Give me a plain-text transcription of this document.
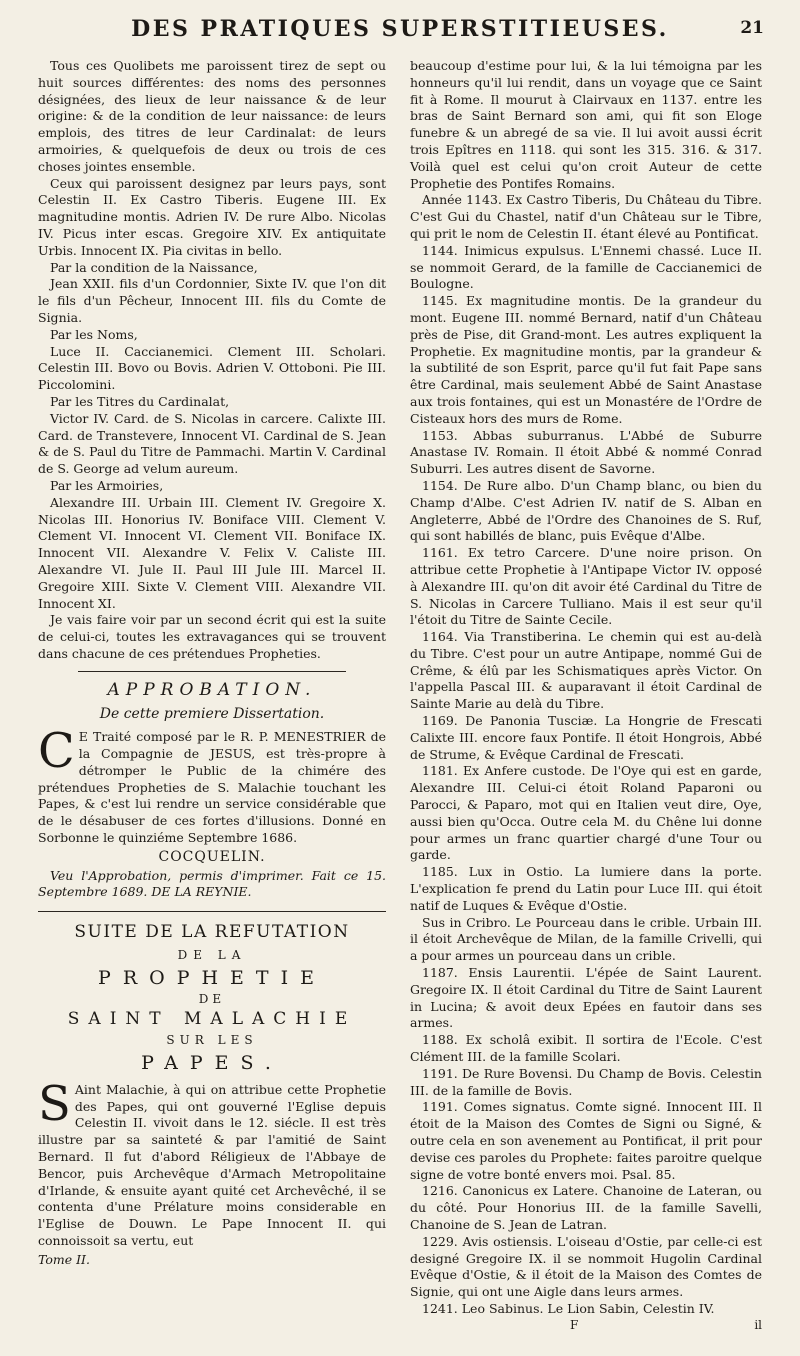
DES PRATIQUES SUPERSTITIEUSES.	21

Tous ces Quolibets me paroissent tirez de sept ou huit sources différentes: des noms des personnes désignées, des lieux de leur naissance & de leur origine: & de la condition de leur naissance: de leurs emplois, des titres de leur Cardinalat: de leurs armoiries, & quelquefois de deux ou trois de ces choses jointes ensemble.

Ceux qui paroissent designez par leurs pays, sont Celestin II. Ex Castro Tiberis. Eugene III. Ex magnitudine montis. Adrien IV. De rure Albo. Nicolas IV. Picus inter escas. Gregoire XIV. Ex antiquitate Urbis. Innocent IX. Pia civitas in bello.

Par la condition de la Naissance,

Jean XXII. fils d'un Cordonnier, Sixte IV. que l'on dit le fils d'un Pêcheur, Innocent III. fils du Comte de Signia.

Par les Noms,

Luce II. Caccianemici. Clement III. Scholari. Celestin III. Bovo ou Bovis. Adrien V. Ottoboni. Pie III. Piccolomini.

Par les Titres du Cardinalat,

Victor IV. Card. de S. Nicolas in carcere. Calixte III. Card. de Transtevere, Innocent VI. Cardinal de S. Jean & de S. Paul du Titre de Pammachi. Martin V. Cardinal de S. George ad velum aureum.

Par les Armoiries,

Alexandre III. Urbain III. Clement IV. Gregoire X. Nicolas III. Honorius IV. Boniface VIII. Clement V. Clement VI. Innocent VI. Clement VII. Boniface IX. Innocent VII. Alexandre V. Felix V. Caliste III. Alexandre VI. Jule II. Paul III Jule III. Marcel II. Gregoire XIII. Sixte V. Clement VIII. Alexandre VII. Innocent XI.

Je vais faire voir par un second écrit qui est la suite de celui-ci, toutes les extravagances qui se trouvent dans chacune de ces prétendues Propheties.

APPROBATION.
De cette premiere Dissertation.
C E Traité composé par le R. P. MENESTRIER de la Compagnie de JESUS, est très-propre à détromper le Public de la chimére des prétendues Propheties de S. Malachie touchant les Papes, & c'est lui rendre un service considérable que de le désabuser de ces fortes d'illusions. Donné en Sorbonne le quinziéme Septembre 1686.

COCQUELIN.

Veu l'Approbation, permis d'imprimer. Fait ce 15. Septembre 1689. DE LA REYNIE.

SUITE DE LA REFUTATION
DE LA
PROPHETIE
DE
SAINT MALACHIE
SUR LES
PAPES.
S Aint Malachie, à qui on attribue cette Prophetie des Papes, qui ont gouverné l'Eglise depuis Celestin II. vivoit dans le 12. siécle. Il est très illustre par sa sainteté & par l'amitié de Saint Bernard. Il fut d'abord Réligieux de l'Abbaye de Bencor, puis Archevêque d'Armach Metropolitaine d'Irlande, & ensuite ayant quité cet Archevêché, il se contenta d'une Prélature moins considerable en l'Eglise de Douwn. Le Pape Innocent II. qui connoissoit sa vertu, eut

Tome II.

beaucoup d'estime pour lui, & la lui témoigna par les honneurs qu'il lui rendit, dans un voyage que ce Saint fit à Rome. Il mourut à Clairvaux en 1137. entre les bras de Saint Bernard son ami, qui fit son Eloge funebre & un abregé de sa vie. Il lui avoit aussi écrit trois Epîtres en 1118. qui sont les 315. 316. & 317. Voilà quel est celui qu'on croit Auteur de cette Prophetie des Pontifes Romains.

Année 1143. Ex Castro Tiberis, Du Château du Tibre. C'est Gui du Chastel, natif d'un Château sur le Tibre, qui prit le nom de Celestin II. étant élevé au Pontificat.

1144. Inimicus expulsus. L'Ennemi chassé. Luce II. se nommoit Gerard, de la famille de Caccianemici de Boulogne.

1145. Ex magnitudine montis. De la grandeur du mont. Eugene III. nommé Bernard, natif d'un Château près de Pise, dit Grand-mont. Les autres expliquent la Prophetie. Ex magnitudine montis, par la grandeur & la subtilité de son Esprit, parce qu'il fut fait Pape sans être Cardinal, mais seulement Abbé de Saint Anastase aux trois fontaines, qui est un Monastére de l'Ordre de Cisteaux hors des murs de Rome.

1153. Abbas suburranus. L'Abbé de Suburre Anastase IV. Romain. Il étoit Abbé & nommé Conrad Suburri. Les autres disent de Savorne.

1154. De Rure albo. D'un Champ blanc, ou bien du Champ d'Albe. C'est Adrien IV. natif de S. Alban en Angleterre, Abbé de l'Ordre des Chanoines de S. Ruf, qui sont habillés de blanc, puis Evêque d'Albe.

1161. Ex tetro Carcere. D'une noire prison. On attribue cette Prophetie à l'Antipape Victor IV. opposé à Alexandre III. qu'on dit avoir été Cardinal du Titre de S. Nicolas in Carcere Tulliano. Mais il est seur qu'il l'étoit du Titre de Sainte Cecile.

1164. Via Transtiberina. Le chemin qui est au-delà du Tibre. C'est pour un autre Antipape, nommé Gui de Crême, & élû par les Schismatiques après Victor. On l'appella Pascal III. & auparavant il étoit Cardinal de Sainte Marie au delà du Tibre.

1169. De Panonia Tusciæ. La Hongrie de Frescati Calixte III. encore faux Pontife. Il étoit Hongrois, Abbé de Strume, & Evêque Cardinal de Frescati.

1181. Ex Anfere custode. De l'Oye qui est en garde, Alexandre III. Celui-ci étoit Roland Paparoni ou Parocci, & Paparo, mot qui en Italien veut dire, Oye, aussi bien qu'Occa. Outre cela M. du Chêne lui donne pour armes un franc quartier chargé d'une Tour ou garde.

1185. Lux in Ostio. La lumiere dans la porte. L'explication fe prend du Latin pour Luce III. qui étoit natif de Luques & Evêque d'Ostie.

Sus in Cribro. Le Pourceau dans le crible. Urbain III. il étoit Archevêque de Milan, de la famille Crivelli, qui a pour armes un pourceau dans un crible.

1187. Ensis Laurentii. L'épée de Saint Laurent. Gregoire IX. Il étoit Cardinal du Titre de Saint Laurent in Lucina; & avoit deux Epées en fautoir dans ses armes.

1188. Ex scholâ exibit. Il sortira de l'Ecole. C'est Clément III. de la famille Scolari.

1191. De Rure Bovensi. Du Champ de Bovis. Celestin III. de la famille de Bovis.

1191. Comes signatus. Comte signé. Innocent III. Il étoit de la Maison des Comtes de Signi ou Signé, & outre cela en son avenement au Pontificat, il prit pour devise ces paroles du Prophete: faites paroitre quelque signe de votre bonté envers moi. Psal. 85.

1216. Canonicus ex Latere. Chanoine de Lateran, ou du côté. Pour Honorius III. de la famille Savelli, Chanoine de S. Jean de Latran.

1229. Avis ostiensis. L'oiseau d'Ostie, par celle-ci est designé Gregoire IX. il se nommoit Hugolin Cardinal Evêque d'Ostie, & il étoit de la Maison des Comtes de Signie, qui ont une Aigle dans leurs armes.

1241. Leo Sabinus. Le Lion Sabin, Celestin IV.

F	il
